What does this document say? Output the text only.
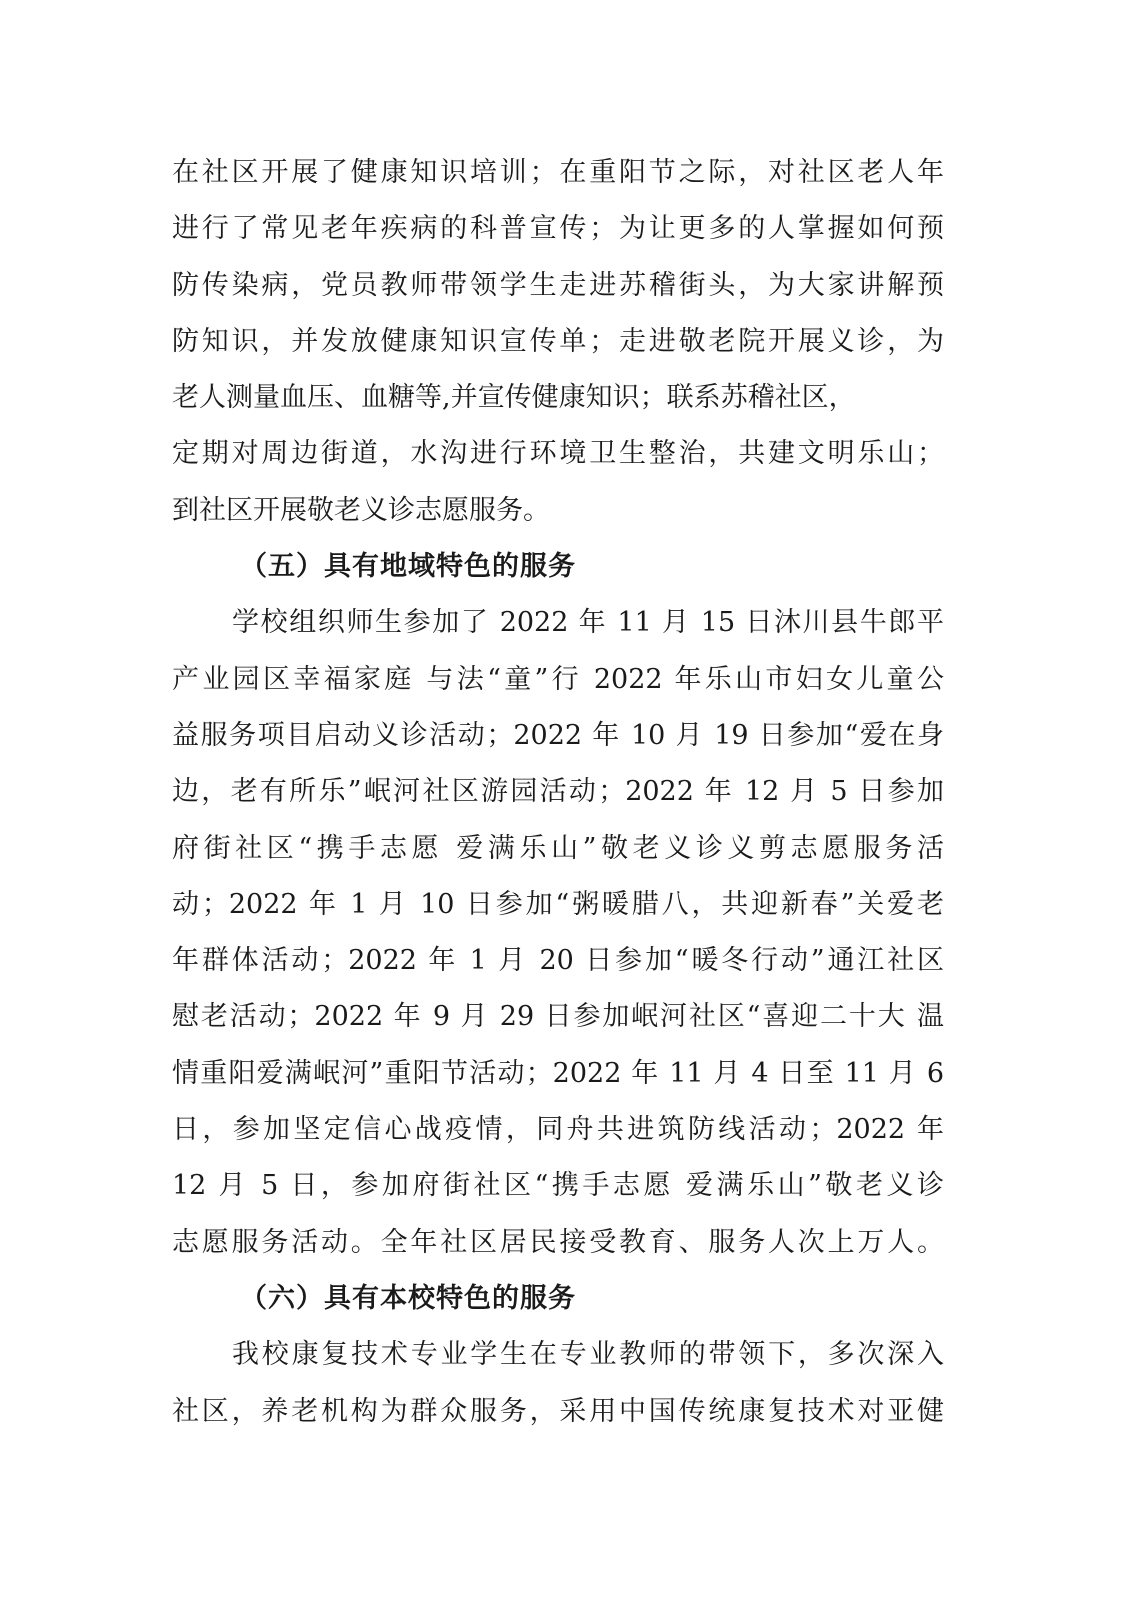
在社区开展了健康知识培训；在重阳节之际，对社区老人年
进行了常见老年疾病的科普宣传；为让更多的人掌握如何预
防传染病，党员教师带领学生走进苏稽街头，为大家讲解预
防知识，并发放健康知识宣传单；走进敬老院开展义诊，为
老人测量血压、血糖等,并宣传健康知识；联系苏稽社区，
定期对周边街道，水沟进行环境卫生整治，共建文明乐山；
到社区开展敬老义诊志愿服务。
（五）具有地域特色的服务
学校组织师生参加了 2022 年 11 月 15 日沐川县牛郎平
产业园区幸福家庭 与法“童”行 2022 年乐山市妇女儿童公
益服务项目启动义诊活动；2022 年 10 月 19 日参加“爱在身
边，老有所乐”岷河社区游园活动；2022 年 12 月 5 日参加
府街社区“携手志愿 爱满乐山”敬老义诊义剪志愿服务活
动；2022 年 1 月 10 日参加“粥暖腊八，共迎新春”关爱老
年群体活动；2022 年 1 月 20 日参加“暖冬行动”通江社区
慰老活动；2022 年 9 月 29 日参加岷河社区“喜迎二十大 温
情重阳爱满岷河”重阳节活动；2022 年 11 月 4 日至 11 月 6
日，参加坚定信心战疫情，同舟共进筑防线活动；2022 年
12 月 5 日，参加府街社区“携手志愿 爱满乐山”敬老义诊
志愿服务活动。全年社区居民接受教育、服务人次上万人。
（六）具有本校特色的服务
我校康复技术专业学生在专业教师的带领下，多次深入
社区，养老机构为群众服务，采用中国传统康复技术对亚健
